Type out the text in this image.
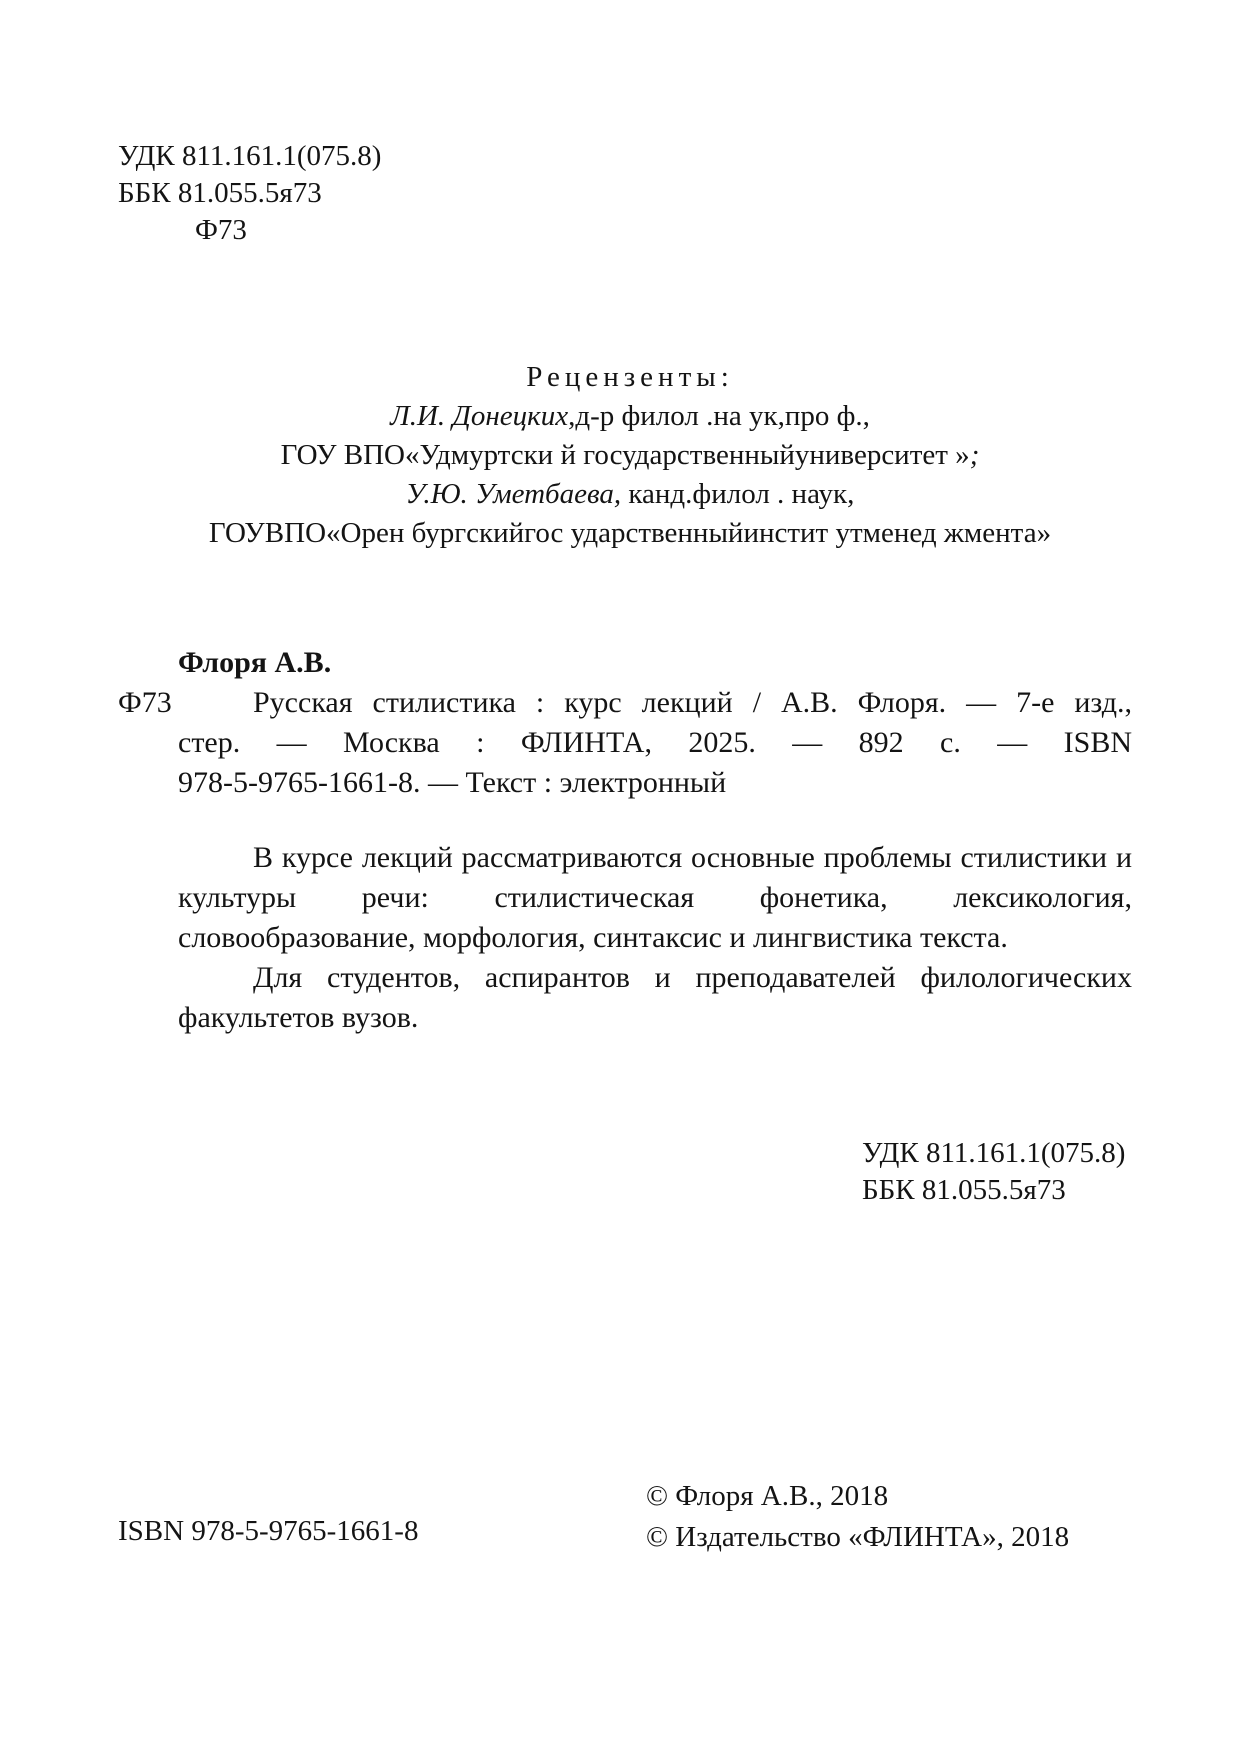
УДК 811.161.1(075.8)
ББК 81.055.5я73
Ф73
Рецензенты:
Л.И. Донецких,д-р филол .на ук,про ф.,
ГОУ ВПО«Удмуртски й государственныйуниверситет »;
У.Ю. Уметбаева, канд.филол . наук,
ГОУВПО«Орен бургскийгос ударственныйинстит утменед жмента»
Флоря А.В.
Ф73	Русская стилистика : курс лекций / А.В. Флоря. — 7-е изд.,
стер. — Москва : ФЛИНТА, 2025. — 892 с. — ISBN
978-5-9765-1661-8. — Текст : электронный

В курсе лекций рассматриваются основные проблемы стилистики и культуры речи: стилистическая фонетика, лексикология, словообразование, морфология, синтаксис и лингвистика текста.

Для студентов, аспирантов и преподавателей филологических факультетов вузов.

УДК 811.161.1(075.8)
ББК 81.055.5я73
ISBN 978-5-9765-1661-8
© Флоря А.В., 2018
© Издательство «ФЛИНТА», 2018
